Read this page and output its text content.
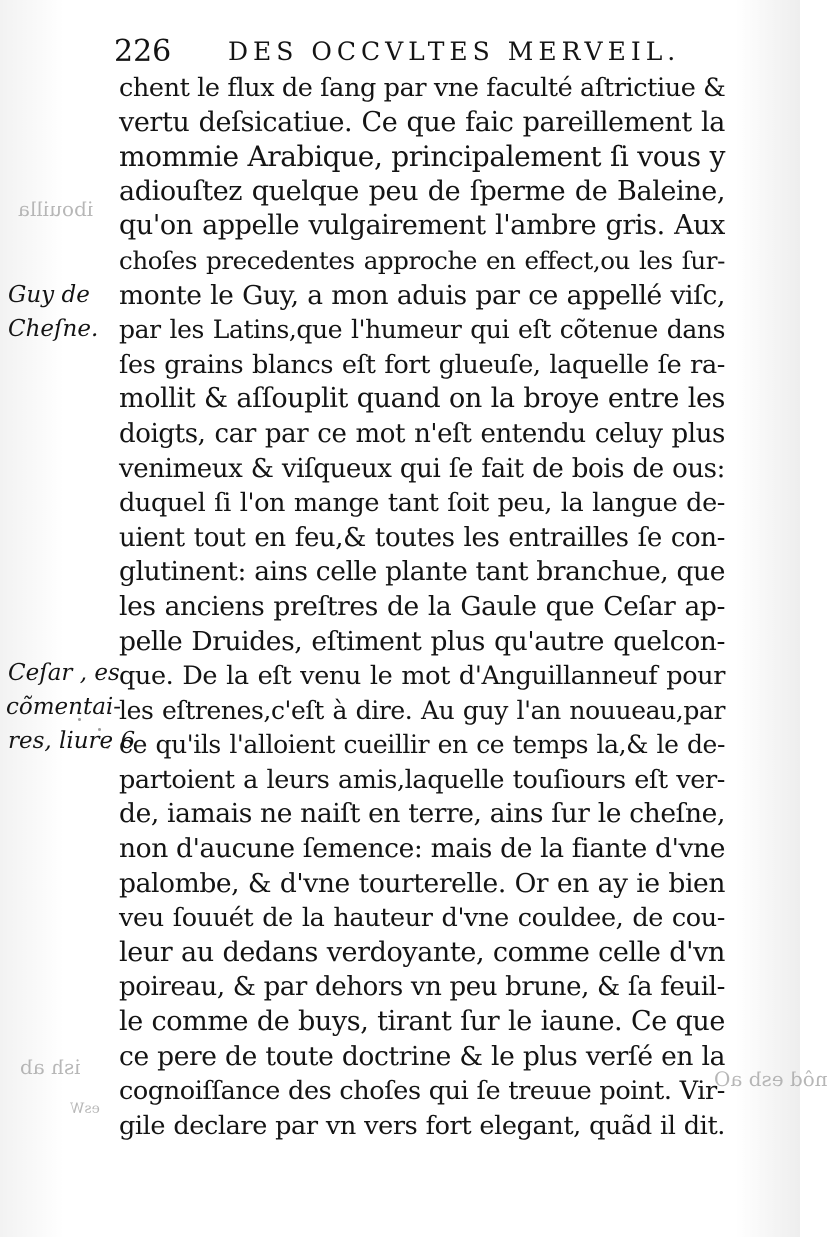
226 DES OCCVLTES MERVEIL.
ibouilla
ish ab	nôd esb aO
esW
Guy de
Cheſne.
Ceſar , es
cõmentai-
res, liure 6
chent le flux de ſang par vne faculté aſtrictiue &
vertu deſsicatiue. Ce que faic pareillement la
mommie Arabique, principalement ſi vous y
adiouſtez quelque peu de ſperme de Baleine,
qu'on appelle vulgairement l'ambre gris. Aux
choſes precedentes approche en effect,ou les ſur-
monte le Guy, a mon aduis par ce appellé viſc,
par les Latins,que l'humeur qui eſt cõtenue dans
ſes grains blancs eſt fort glueuſe, laquelle ſe ra-
mollit & aſſouplit quand on la broye entre les
doigts, car par ce mot n'eſt entendu celuy plus
venimeux & viſqueux qui ſe fait de bois de ous:
duquel ſi l'on mange tant ſoit peu, la langue de-
uient tout en feu,& toutes les entrailles ſe con-
glutinent: ains celle plante tant branchue, que
les anciens preſtres de la Gaule que Ceſar ap-
pelle Druides, eſtiment plus qu'autre quelcon-
que. De la eſt venu le mot d'Anguillanneuf pour
les eſtrenes,c'eſt à dire. Au guy l'an nouueau,par
ce qu'ils l'alloient cueillir en ce temps la,& le de-
partoient a leurs amis,laquelle touſiours eſt ver-
de, iamais ne naiſt en terre, ains ſur le cheſne,
non d'aucune ſemence: mais de la fiante d'vne
palombe, & d'vne tourterelle. Or en ay ie bien
veu ſouuét de la hauteur d'vne couldee, de cou-
leur au dedans verdoyante, comme celle d'vn
poireau, & par dehors vn peu brune, & ſa feuil-
le comme de buys, tirant ſur le iaune. Ce que
ce pere de toute doctrine & le plus verſé en la
cognoiſſance des choſes qui ſe treuue point. Vir-
gile declare par vn vers fort elegant, quãd il dit.
